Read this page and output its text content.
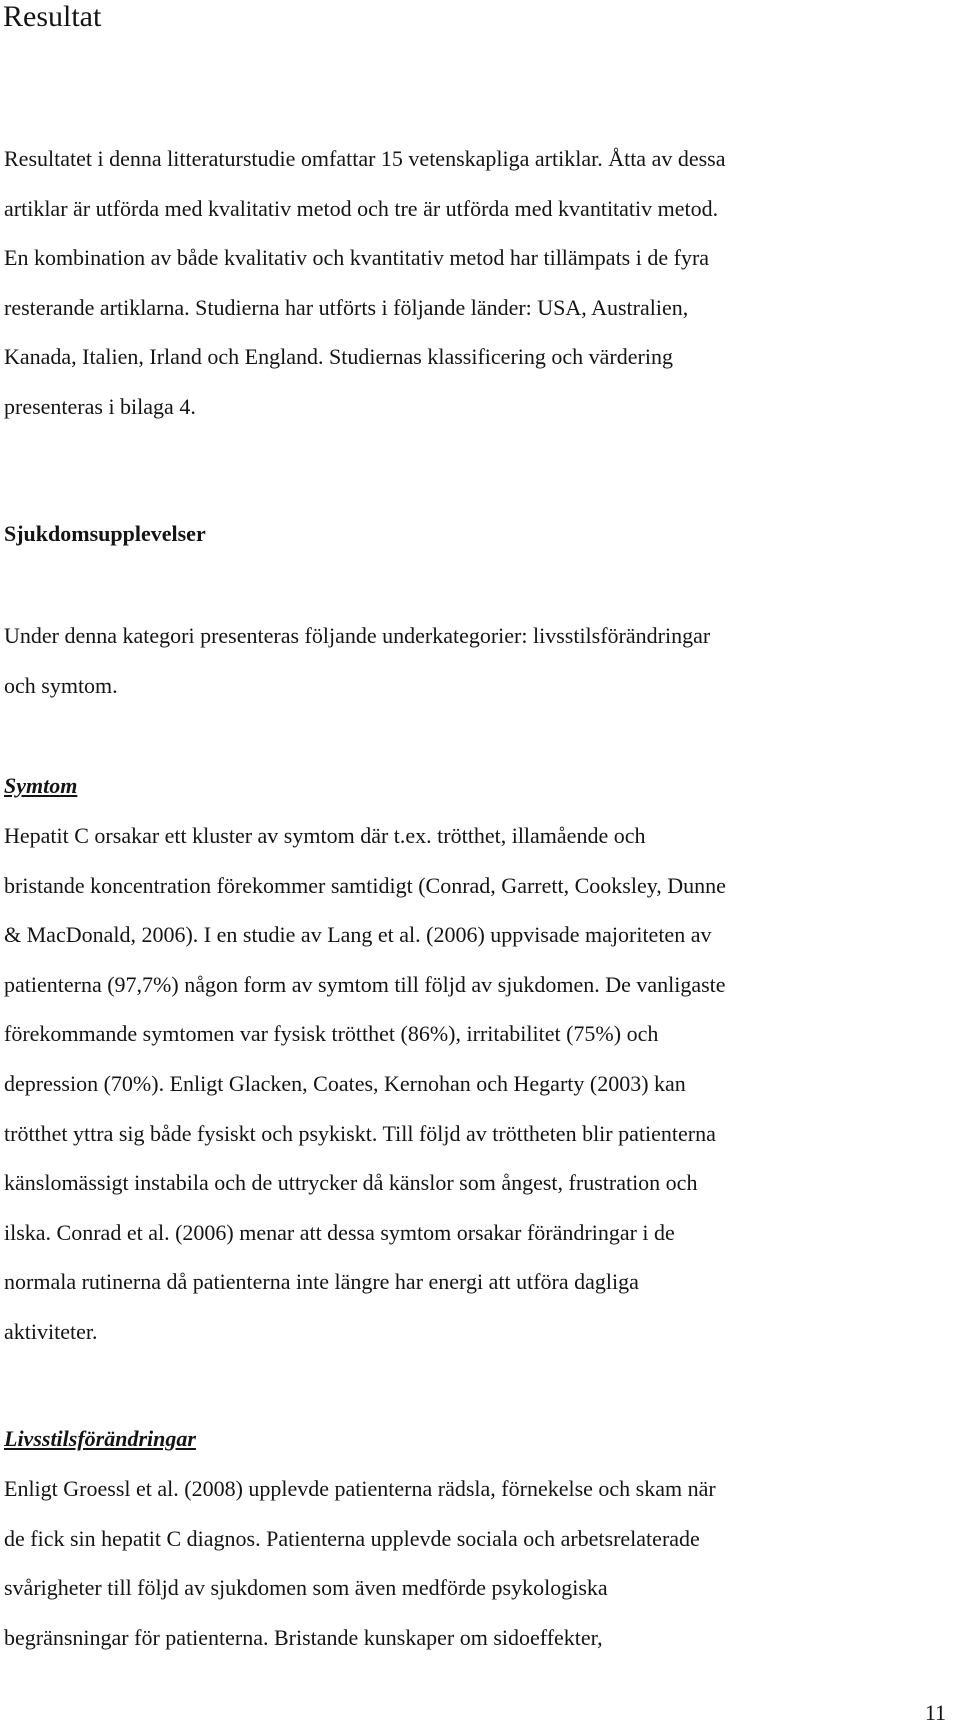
Resultat
Resultatet i denna litteraturstudie omfattar 15 vetenskapliga artiklar. Åtta av dessa
artiklar är utförda med kvalitativ metod och tre är utförda med kvantitativ metod.
En kombination av både kvalitativ och kvantitativ metod har tillämpats i de fyra
resterande artiklarna. Studierna har utförts i följande länder: USA, Australien,
Kanada, Italien, Irland och England. Studiernas klassificering och värdering
presenteras i bilaga 4.
Sjukdomsupplevelser
Under denna kategori presenteras följande underkategorier: livsstilsförändringar
och symtom.
Symtom
Hepatit C orsakar ett kluster av symtom där t.ex. trötthet, illamående och
bristande koncentration förekommer samtidigt (Conrad, Garrett, Cooksley, Dunne
& MacDonald, 2006). I en studie av Lang et al. (2006) uppvisade majoriteten av
patienterna (97,7%) någon form av symtom till följd av sjukdomen. De vanligaste
förekommande symtomen var fysisk trötthet (86%), irritabilitet (75%) och
depression (70%). Enligt Glacken, Coates, Kernohan och Hegarty (2003) kan
trötthet yttra sig både fysiskt och psykiskt. Till följd av tröttheten blir patienterna
känslomässigt instabila och de uttrycker då känslor som ångest, frustration och
ilska. Conrad et al. (2006) menar att dessa symtom orsakar förändringar i de
normala rutinerna då patienterna inte längre har energi att utföra dagliga
aktiviteter.
Livsstilsförändringar
Enligt Groessl et al. (2008) upplevde patienterna rädsla, förnekelse och skam när
de fick sin hepatit C diagnos. Patienterna upplevde sociala och arbetsrelaterade
svårigheter till följd av sjukdomen som även medförde psykologiska
begränsningar för patienterna. Bristande kunskaper om sidoeffekter,
11
